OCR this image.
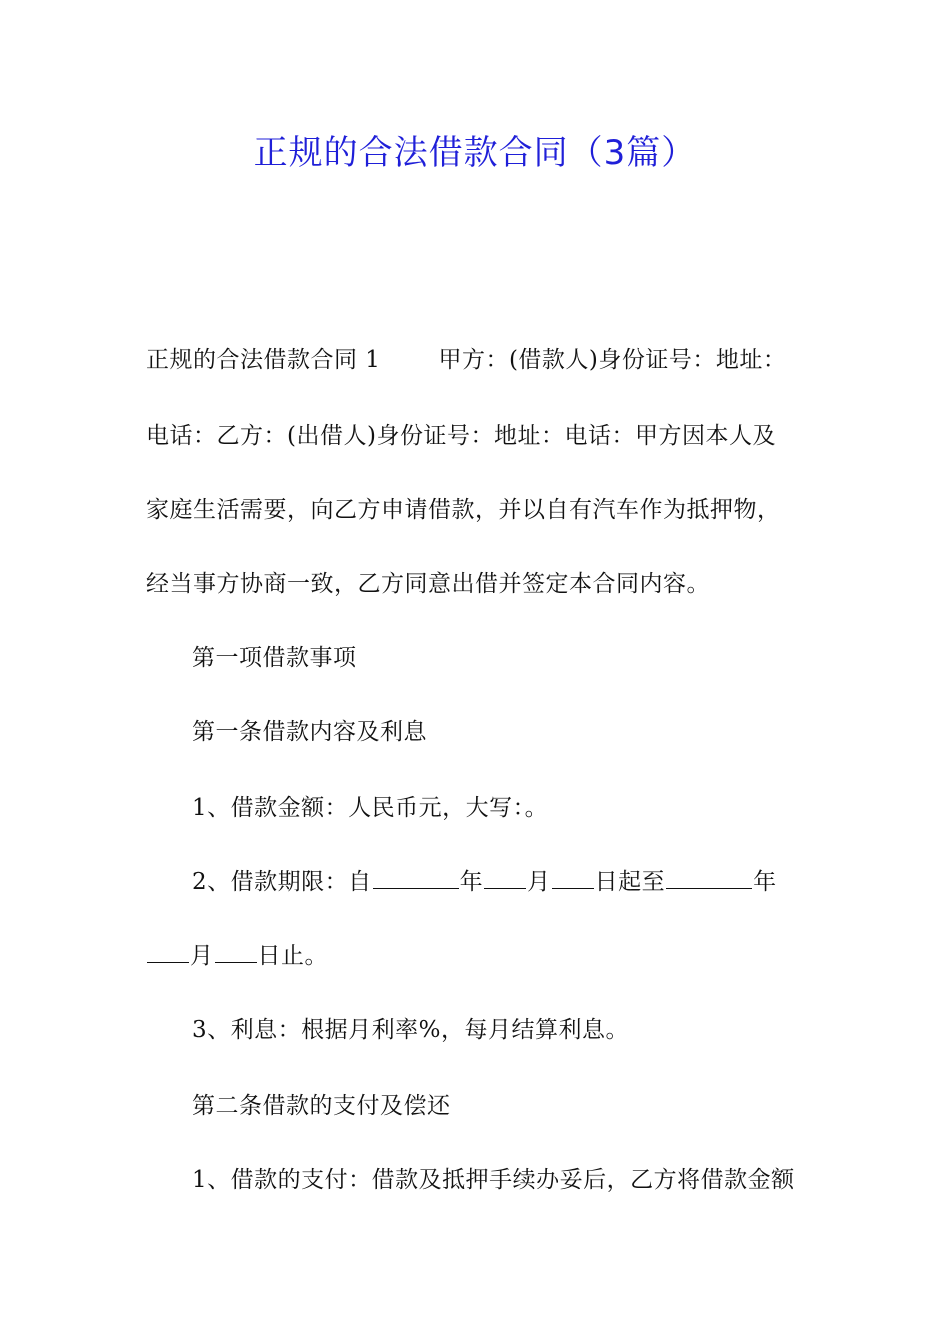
正规的合法借款合同（3篇）
正规的合法借款合同 1	甲方：(借款人)身份证号：地址：
电话：乙方：(出借人)身份证号：地址：电话：甲方因本人及
家庭生活需要，向乙方申请借款，并以自有汽车作为抵押物，
经当事方协商一致，乙方同意出借并签定本合同内容。
第一项借款事项
第一条借款内容及利息
1、借款金额：人民币元，大写：。
2、借款期限：自	年 月 日起至	年
月 日止。
3、利息：根据月利率%，每月结算利息。
第二条借款的支付及偿还
1、借款的支付：借款及抵押手续办妥后，乙方将借款金额
